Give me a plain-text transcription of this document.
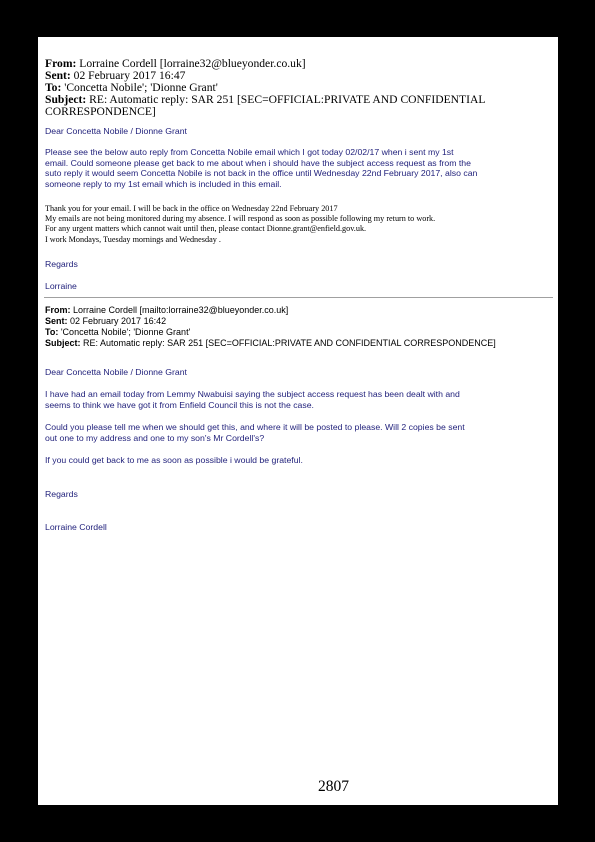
From: Lorraine Cordell [lorraine32@blueyonder.co.uk]
Sent: 02 February 2017 16:47
To: 'Concetta Nobile'; 'Dionne Grant'
Subject: RE: Automatic reply: SAR 251 [SEC=OFFICIAL:PRIVATE AND CONFIDENTIAL
CORRESPONDENCE]
Dear Concetta Nobile / Dionne Grant
Please see the below auto reply from Concetta Nobile email which I got today 02/02/17 when i sent my 1st
email. Could someone please get back to me about when i should have the subject access request as from the
suto reply it would seem Concetta Nobile is not back in the office until Wednesday 22nd February 2017, also can
someone reply to my 1st email which is included in this email.
Thank you for your email. I will be back in the office on Wednesday 22nd February 2017
My emails are not being monitored during my absence. I will respond as soon as possible following my return to work.
For any urgent matters which cannot wait until then, please contact Dionne.grant@enfield.gov.uk.
I work Mondays, Tuesday mornings and Wednesday .
Regards
Lorraine
From: Lorraine Cordell [mailto:lorraine32@blueyonder.co.uk]
Sent: 02 February 2017 16:42
To: 'Concetta Nobile'; 'Dionne Grant'
Subject: RE: Automatic reply: SAR 251 [SEC=OFFICIAL:PRIVATE AND CONFIDENTIAL CORRESPONDENCE]
Dear Concetta Nobile / Dionne Grant
I have had an email today from Lemmy Nwabuisi saying the subject access request has been dealt with and
seems to think we have got it from Enfield Council this is not the case.
Could you please tell me when we should get this, and where it will be posted to please. Will 2 copies be sent
out one to my address and one to my son's Mr Cordell's?
If you could get back to me as soon as possible i would be grateful.
Regards
Lorraine Cordell
2807
